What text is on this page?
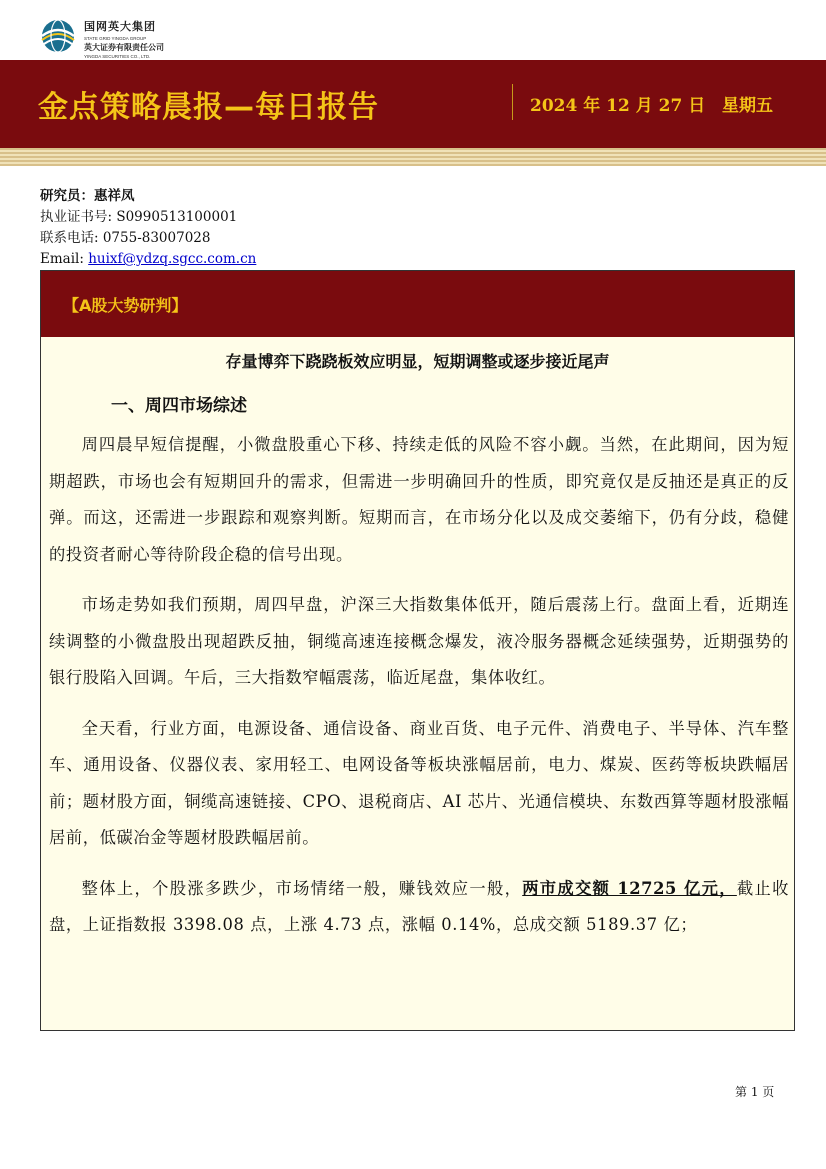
国网英大集团
STATE GRID YINGDA GROUP
英大证券有限责任公司
YINGDA SECURITIES CO., LTD.
金点策略晨报—每日报告	2024 年 12 月 27 日 星期五
研究员：惠祥凤
执业证书号: S0990513100001
联系电话: 0755-83007028
Email: huixf@ydzq.sgcc.com.cn
【A股大势研判】
存量博弈下跷跷板效应明显，短期调整或逐步接近尾声
一、周四市场综述

周四晨早短信提醒，小微盘股重心下移、持续走低的风险不容小觑。当然，在此期间，因为短期超跌，市场也会有短期回升的需求，但需进一步明确回升的性质，即究竟仅是反抽还是真正的反弹。而这，还需进一步跟踪和观察判断。短期而言，在市场分化以及成交萎缩下，仍有分歧，稳健的投资者耐心等待阶段企稳的信号出现。

市场走势如我们预期，周四早盘，沪深三大指数集体低开，随后震荡上行。盘面上看，近期连续调整的小微盘股出现超跌反抽，铜缆高速连接概念爆发，液冷服务器概念延续强势，近期强势的银行股陷入回调。午后，三大指数窄幅震荡，临近尾盘，集体收红。

全天看，行业方面，电源设备、通信设备、商业百货、电子元件、消费电子、半导体、汽车整车、通用设备、仪器仪表、家用轻工、电网设备等板块涨幅居前，电力、煤炭、医药等板块跌幅居前；题材股方面，铜缆高速链接、CPO、退税商店、AI 芯片、光通信模块、东数西算等题材股涨幅居前，低碳冶金等题材股跌幅居前。

整体上，个股涨多跌少，市场情绪一般，赚钱效应一般，两市成交额 12725 亿元，截止收盘，上证指数报 3398.08 点，上涨 4.73 点，涨幅 0.14%，总成交额 5189.37 亿；

第 1 页
